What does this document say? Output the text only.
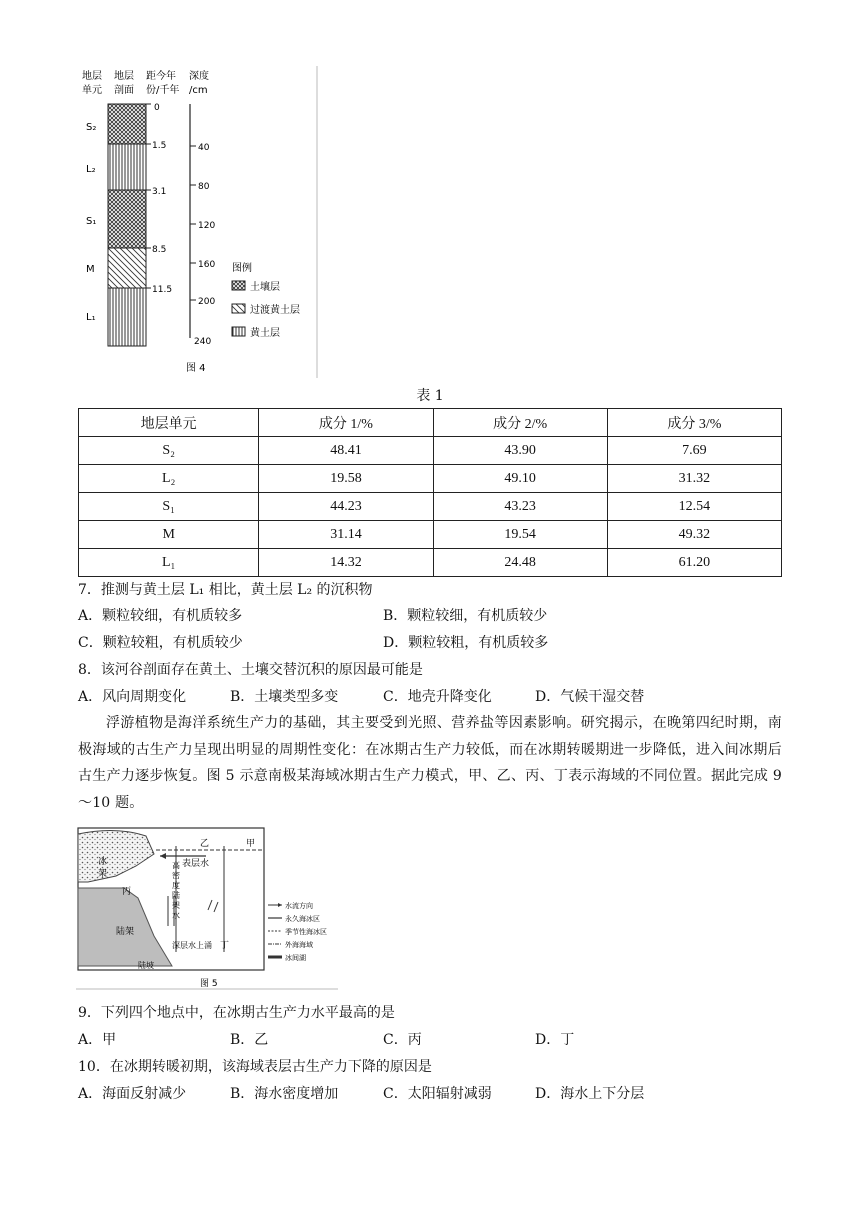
地层
单元
地层
剖面
距今年
份/千年
深度
/cm
S₂
L₂
S₁
M
L₁
0
1.5
3.1
8.5
11.5
40
80
120
160
200
240
图例
土壤层
过渡黄土层
黄土层
图 4
表 1
地层单元	成分 1/%	成分 2/%	成分 3/%
S₂	48.41	43.90	7.69
L₂	19.58	49.10	31.32
S₁	44.23	43.23	12.54
M	31.14	19.54	49.32
L₁	14.32	24.48	61.20
7．推测与黄土层 L₁ 相比，黄土层 L₂ 的沉积物
A．颗粒较细，有机质较多	B．颗粒较细，有机质较少
C．颗粒较粗，有机质较少	D．颗粒较粗，有机质较多
8．该河谷剖面存在黄土、土壤交替沉积的原因最可能是
A．风向周期变化	B．土壤类型多变	C．地壳升降变化	D．气候干湿交替
浮游植物是海洋系统生产力的基础，其主要受到光照、营养盐等因素影响。研究揭示，在晚第四纪时期，南极海域的古生产力呈现出明显的周期性变化：在冰期古生产力较低，而在冰期转暖期进一步降低，进入间冰期后古生产力逐步恢复。图 5 示意南极某海域冰期古生产力模式，甲、乙、丙、丁表示海域的不同位置。据此完成 9～10 题。
冰
架
丙
乙	甲
表层水
高
密
度
陆
架
水
陆架
深层水上涌 丁
陆坡
水流方向
永久海冰区
季节性海冰区
外海海域
冰间湖
图 5
9．下列四个地点中，在冰期古生产力水平最高的是
A．甲	B．乙	C．丙	D．丁
10．在冰期转暖初期，该海域表层古生产力下降的原因是
A．海面反射减少	B．海水密度增加	C．太阳辐射减弱	D．海水上下分层
